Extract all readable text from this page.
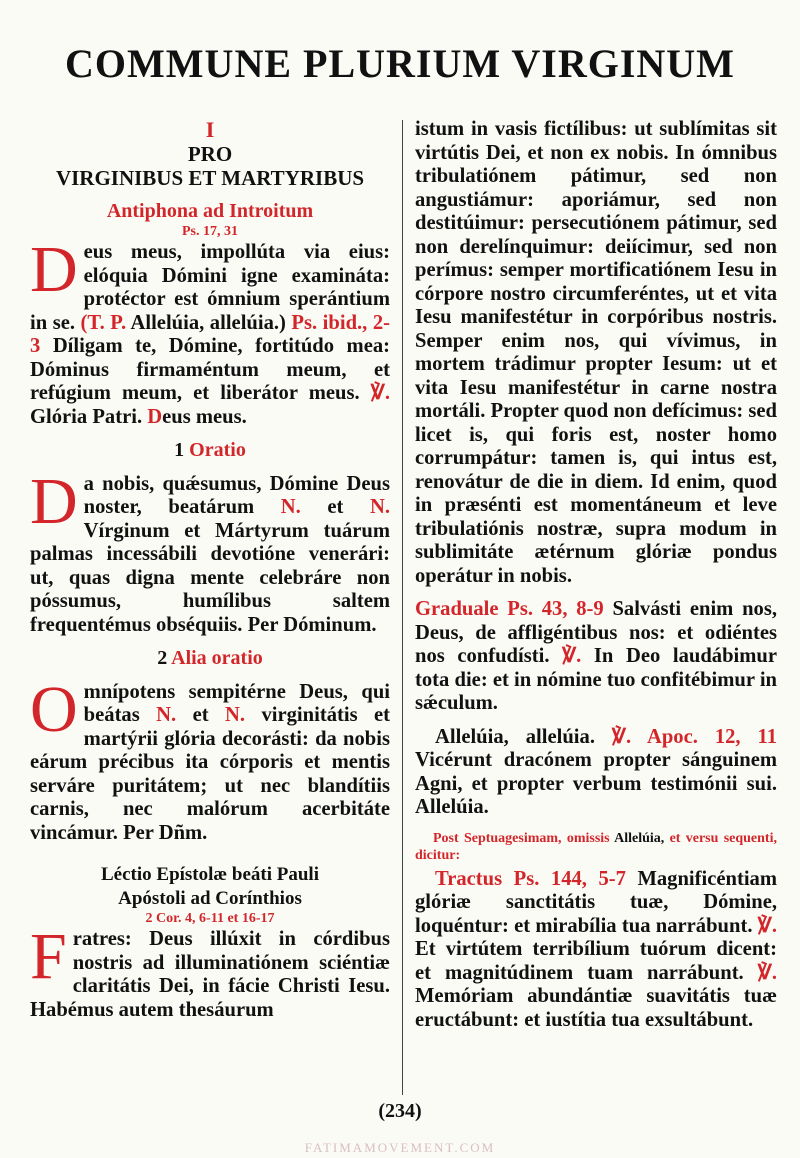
COMMUNE PLURIUM VIRGINUM
I
PRO
VIRGINIBUS ET MARTYRIBUS
Antiphona ad Introitum
Ps. 17, 31

Deus meus, impollúta via eius: elóquia Dómini igne examináta: protéctor est ómnium sperántium in se. (T. P. Allelúia, allelúia.) Ps. ibid., 2-3 Díligam te, Dómine, fortitúdo mea: Dóminus firmaméntum meum, et refúgium meum, et liberátor meus. ℣. Glória Patri. Deus meus.

1 Oratio

Da nobis, quǽsumus, Dómine Deus noster, beatárum N. et N. Vírginum et Mártyrum tuárum palmas incessábili devotióne venerári: ut, quas digna mente celebráre non póssumus, humílibus saltem frequentémus obséquiis. Per Dóminum.

2 Alia oratio

Omnípotens sempitérne Deus, qui beátas N. et N. virginitátis et martýrii glória decorásti: da nobis eárum précibus ita córporis et mentis serváre puritátem; ut nec blandítiis carnis, nec malórum acerbitáte vincámur. Per Dñm.

Léctio Epístolæ beáti Pauli
Apóstoli ad Corínthios
2 Cor. 4, 6-11 et 16-17

Fratres: Deus illúxit in córdibus nostris ad illuminatiónem sciéntiæ claritátis Dei, in fácie Christi Iesu. Habémus autem thesáurum

istum in vasis fictílibus: ut sublímitas sit virtútis Dei, et non ex nobis. In ómnibus tribulatiónem pátimur, sed non angustiámur: aporiámur, sed non destitúimur: persecutiónem pátimur, sed non derelínquimur: deiícimur, sed non perímus: semper mortificatiónem Iesu in córpore nostro circumferéntes, ut et vita Iesu manifestétur in corpóribus nostris. Semper enim nos, qui vívimus, in mortem trádimur propter Iesum: ut et vita Iesu manifestétur in carne nostra mortáli. Propter quod non defícimus: sed licet is, qui foris est, noster homo corrumpátur: tamen is, qui intus est, renovátur de die in diem. Id enim, quod in præsénti est momentáneum et leve tribulatiónis nostræ, supra modum in sublimitáte ætérnum glóriæ pondus operátur in nobis.

Graduale Ps. 43, 8-9 Salvásti enim nos, Deus, de affligéntibus nos: et odiéntes nos confudísti. ℣. In Deo laudábimur tota die: et in nómine tuo confitébimur in sǽculum.

Allelúia, allelúia. ℣. Apoc. 12, 11 Vicérunt dracónem propter sánguinem Agni, et propter verbum testimónii sui. Allelúia.

Post Septuagesimam, omissis Allelúia, et versu sequenti, dicitur:

Tractus Ps. 144, 5-7 Magnificéntiam glóriæ sanctitátis tuæ, Dómine, loquéntur: et mirabília tua narrábunt. ℣. Et virtútem terribílium tuórum dicent: et magnitúdinem tuam narrábunt. ℣. Memóriam abundántiæ suavitátis tuæ eructábunt: et iustítia tua exsultábunt.

(234)
FATIMAMOVEMENT.COM
